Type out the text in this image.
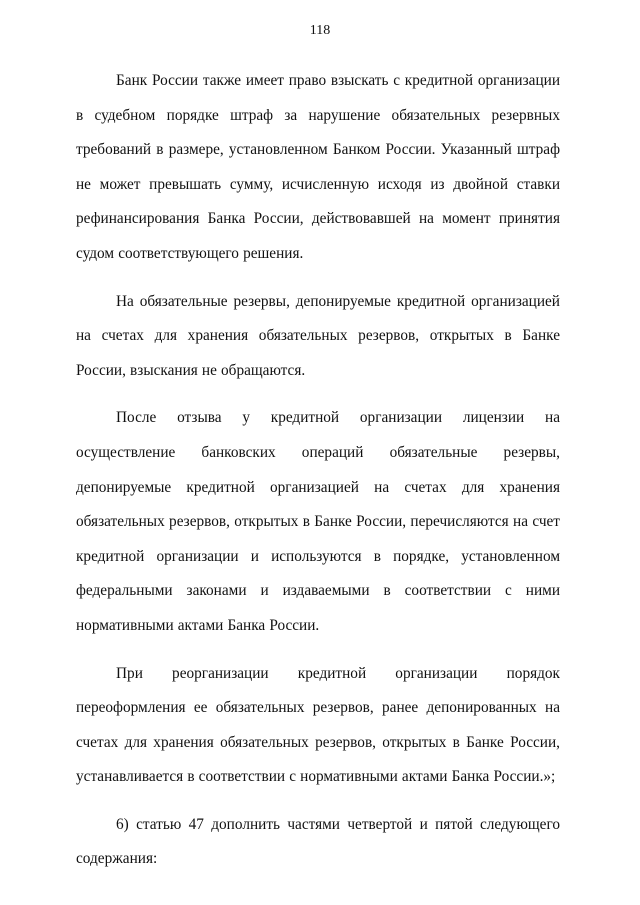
118

Банк России также имеет право взыскать с кредитной организации в судебном порядке штраф за нарушение обязательных резервных требований в размере, установленном Банком России. Указанный штраф не может превышать сумму, исчисленную исходя из двойной ставки рефинансирования Банка России, действовавшей на момент принятия судом соответствующего решения.

На обязательные резервы, депонируемые кредитной организацией на счетах для хранения обязательных резервов, открытых в Банке России, взыскания не обращаются.

После отзыва у кредитной организации лицензии на осуществление банковских операций обязательные резервы, депонируемые кредитной организацией на счетах для хранения обязательных резервов, открытых в Банке России, перечисляются на счет кредитной организации и используются в порядке, установленном федеральными законами и издаваемыми в соответствии с ними нормативными актами Банка России.

При реорганизации кредитной организации порядок переоформления ее обязательных резервов, ранее депонированных на счетах для хранения обязательных резервов, открытых в Банке России, устанавливается в соответствии с нормативными актами Банка России.»;

6) статью 47 дополнить частями четвертой и пятой следующего содержания:
